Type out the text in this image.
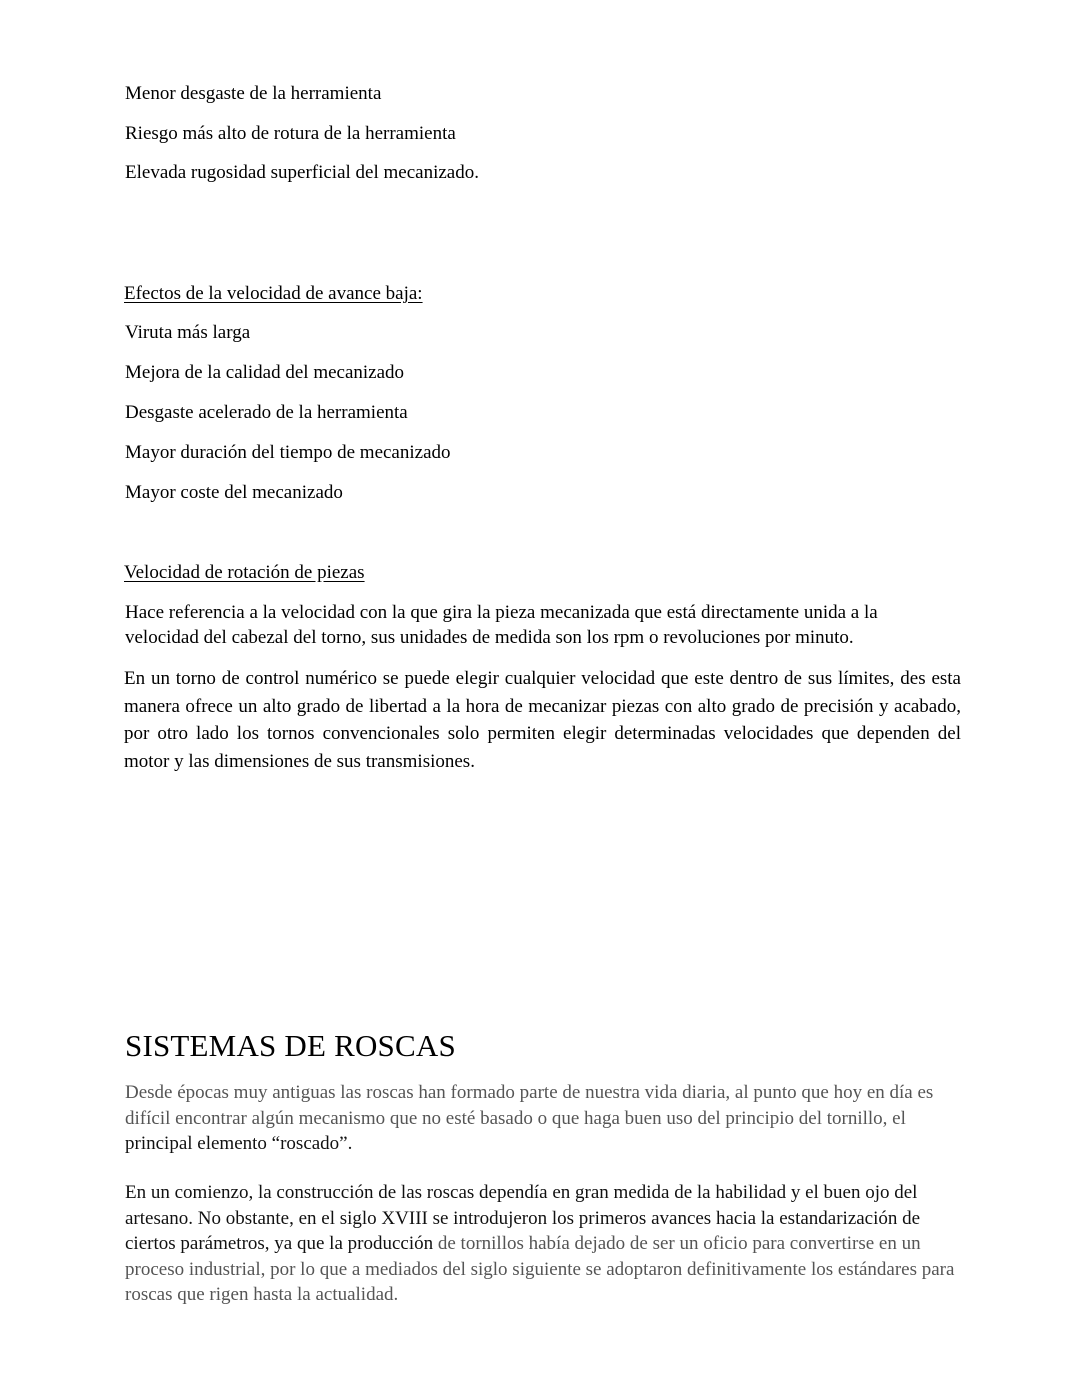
Menor desgaste de la herramienta
Riesgo más alto de rotura de la herramienta
Elevada rugosidad superficial del mecanizado.
Efectos de la velocidad de avance baja:
Viruta más larga
Mejora de la calidad del mecanizado
Desgaste acelerado de la herramienta
Mayor duración del tiempo de mecanizado
Mayor coste del mecanizado
Velocidad de rotación de piezas
Hace referencia a la velocidad con la que gira la pieza mecanizada que está directamente unida a la velocidad del cabezal del torno, sus unidades de medida son los rpm o revoluciones por minuto.
En un torno de control numérico se puede elegir cualquier velocidad que este dentro de sus límites, des esta manera ofrece un alto grado de libertad a la hora de mecanizar piezas con alto grado de precisión y acabado, por otro lado los tornos convencionales solo permiten elegir determinadas velocidades que dependen del motor y las dimensiones de sus transmisiones.
SISTEMAS DE ROSCAS
Desde épocas muy antiguas las roscas han formado parte de nuestra vida diaria, al punto que hoy en día es difícil encontrar algún mecanismo que no esté basado o que haga buen uso del principio del tornillo, el principal elemento “roscado”.
En un comienzo, la construcción de las roscas dependía en gran medida de la habilidad y el buen ojo del artesano. No obstante, en el siglo XVIII se introdujeron los primeros avances hacia la estandarización de ciertos parámetros, ya que la producción de tornillos había dejado de ser un oficio para convertirse en un proceso industrial, por lo que a mediados del siglo siguiente se adoptaron definitivamente los estándares para roscas que rigen hasta la actualidad.
